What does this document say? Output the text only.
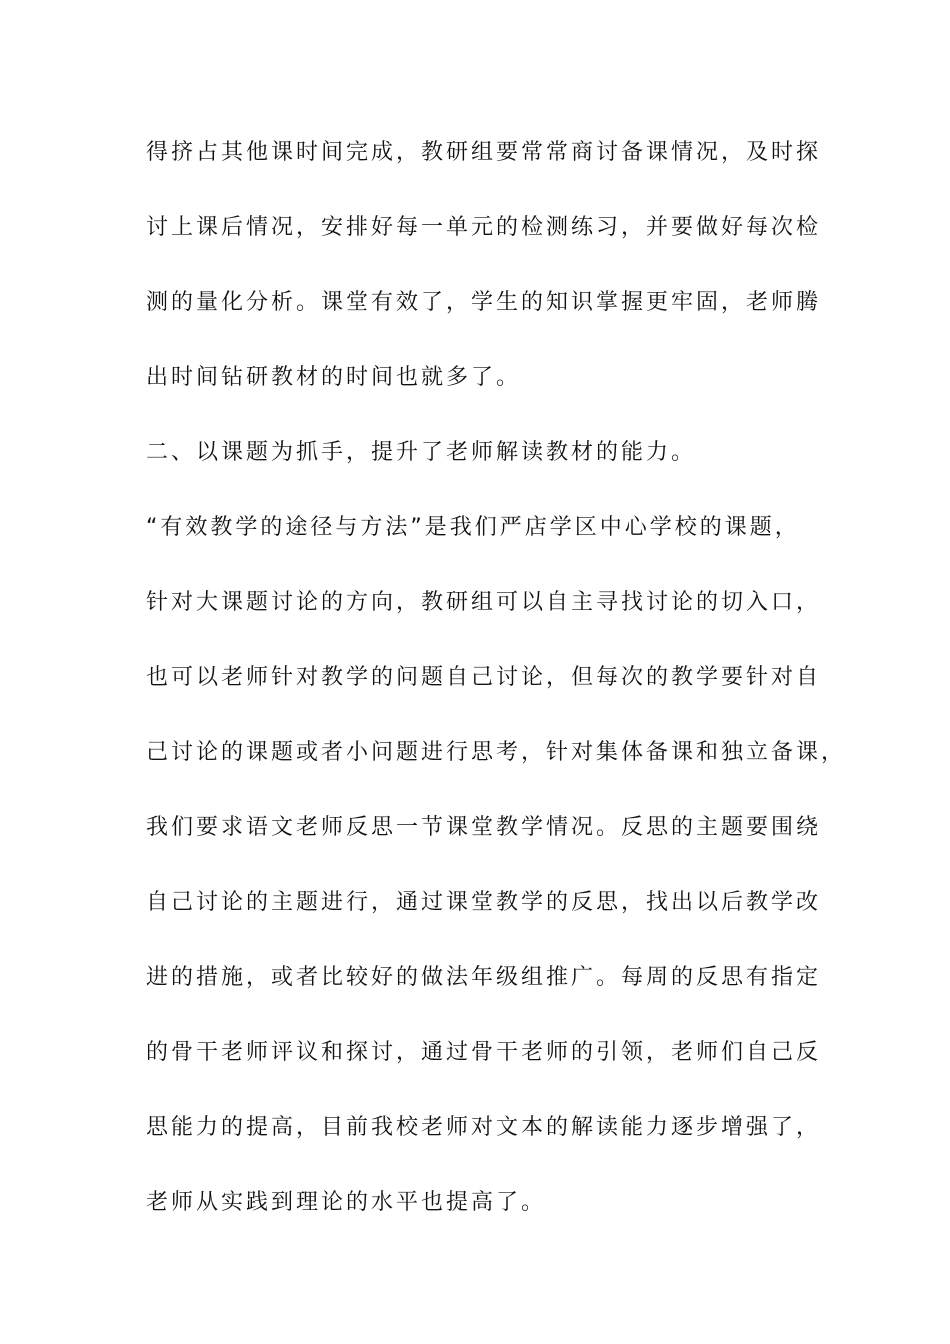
得挤占其他课时间完成，教研组要常常商讨备课情况，及时探
讨上课后情况，安排好每一单元的检测练习，并要做好每次检
测的量化分析。课堂有效了，学生的知识掌握更牢固，老师腾
出时间钻研教材的时间也就多了。
二、以课题为抓手，提升了老师解读教材的能力。
“有效教学的途径与方法”是我们严店学区中心学校的课题，
针对大课题讨论的方向，教研组可以自主寻找讨论的切入口，
也可以老师针对教学的问题自己讨论，但每次的教学要针对自
己讨论的课题或者小问题进行思考，针对集体备课和独立备课，
我们要求语文老师反思一节课堂教学情况。反思的主题要围绕
自己讨论的主题进行，通过课堂教学的反思，找出以后教学改
进的措施，或者比较好的做法年级组推广。每周的反思有指定
的骨干老师评议和探讨，通过骨干老师的引领，老师们自己反
思能力的提高，目前我校老师对文本的解读能力逐步增强了，
老师从实践到理论的水平也提高了。
